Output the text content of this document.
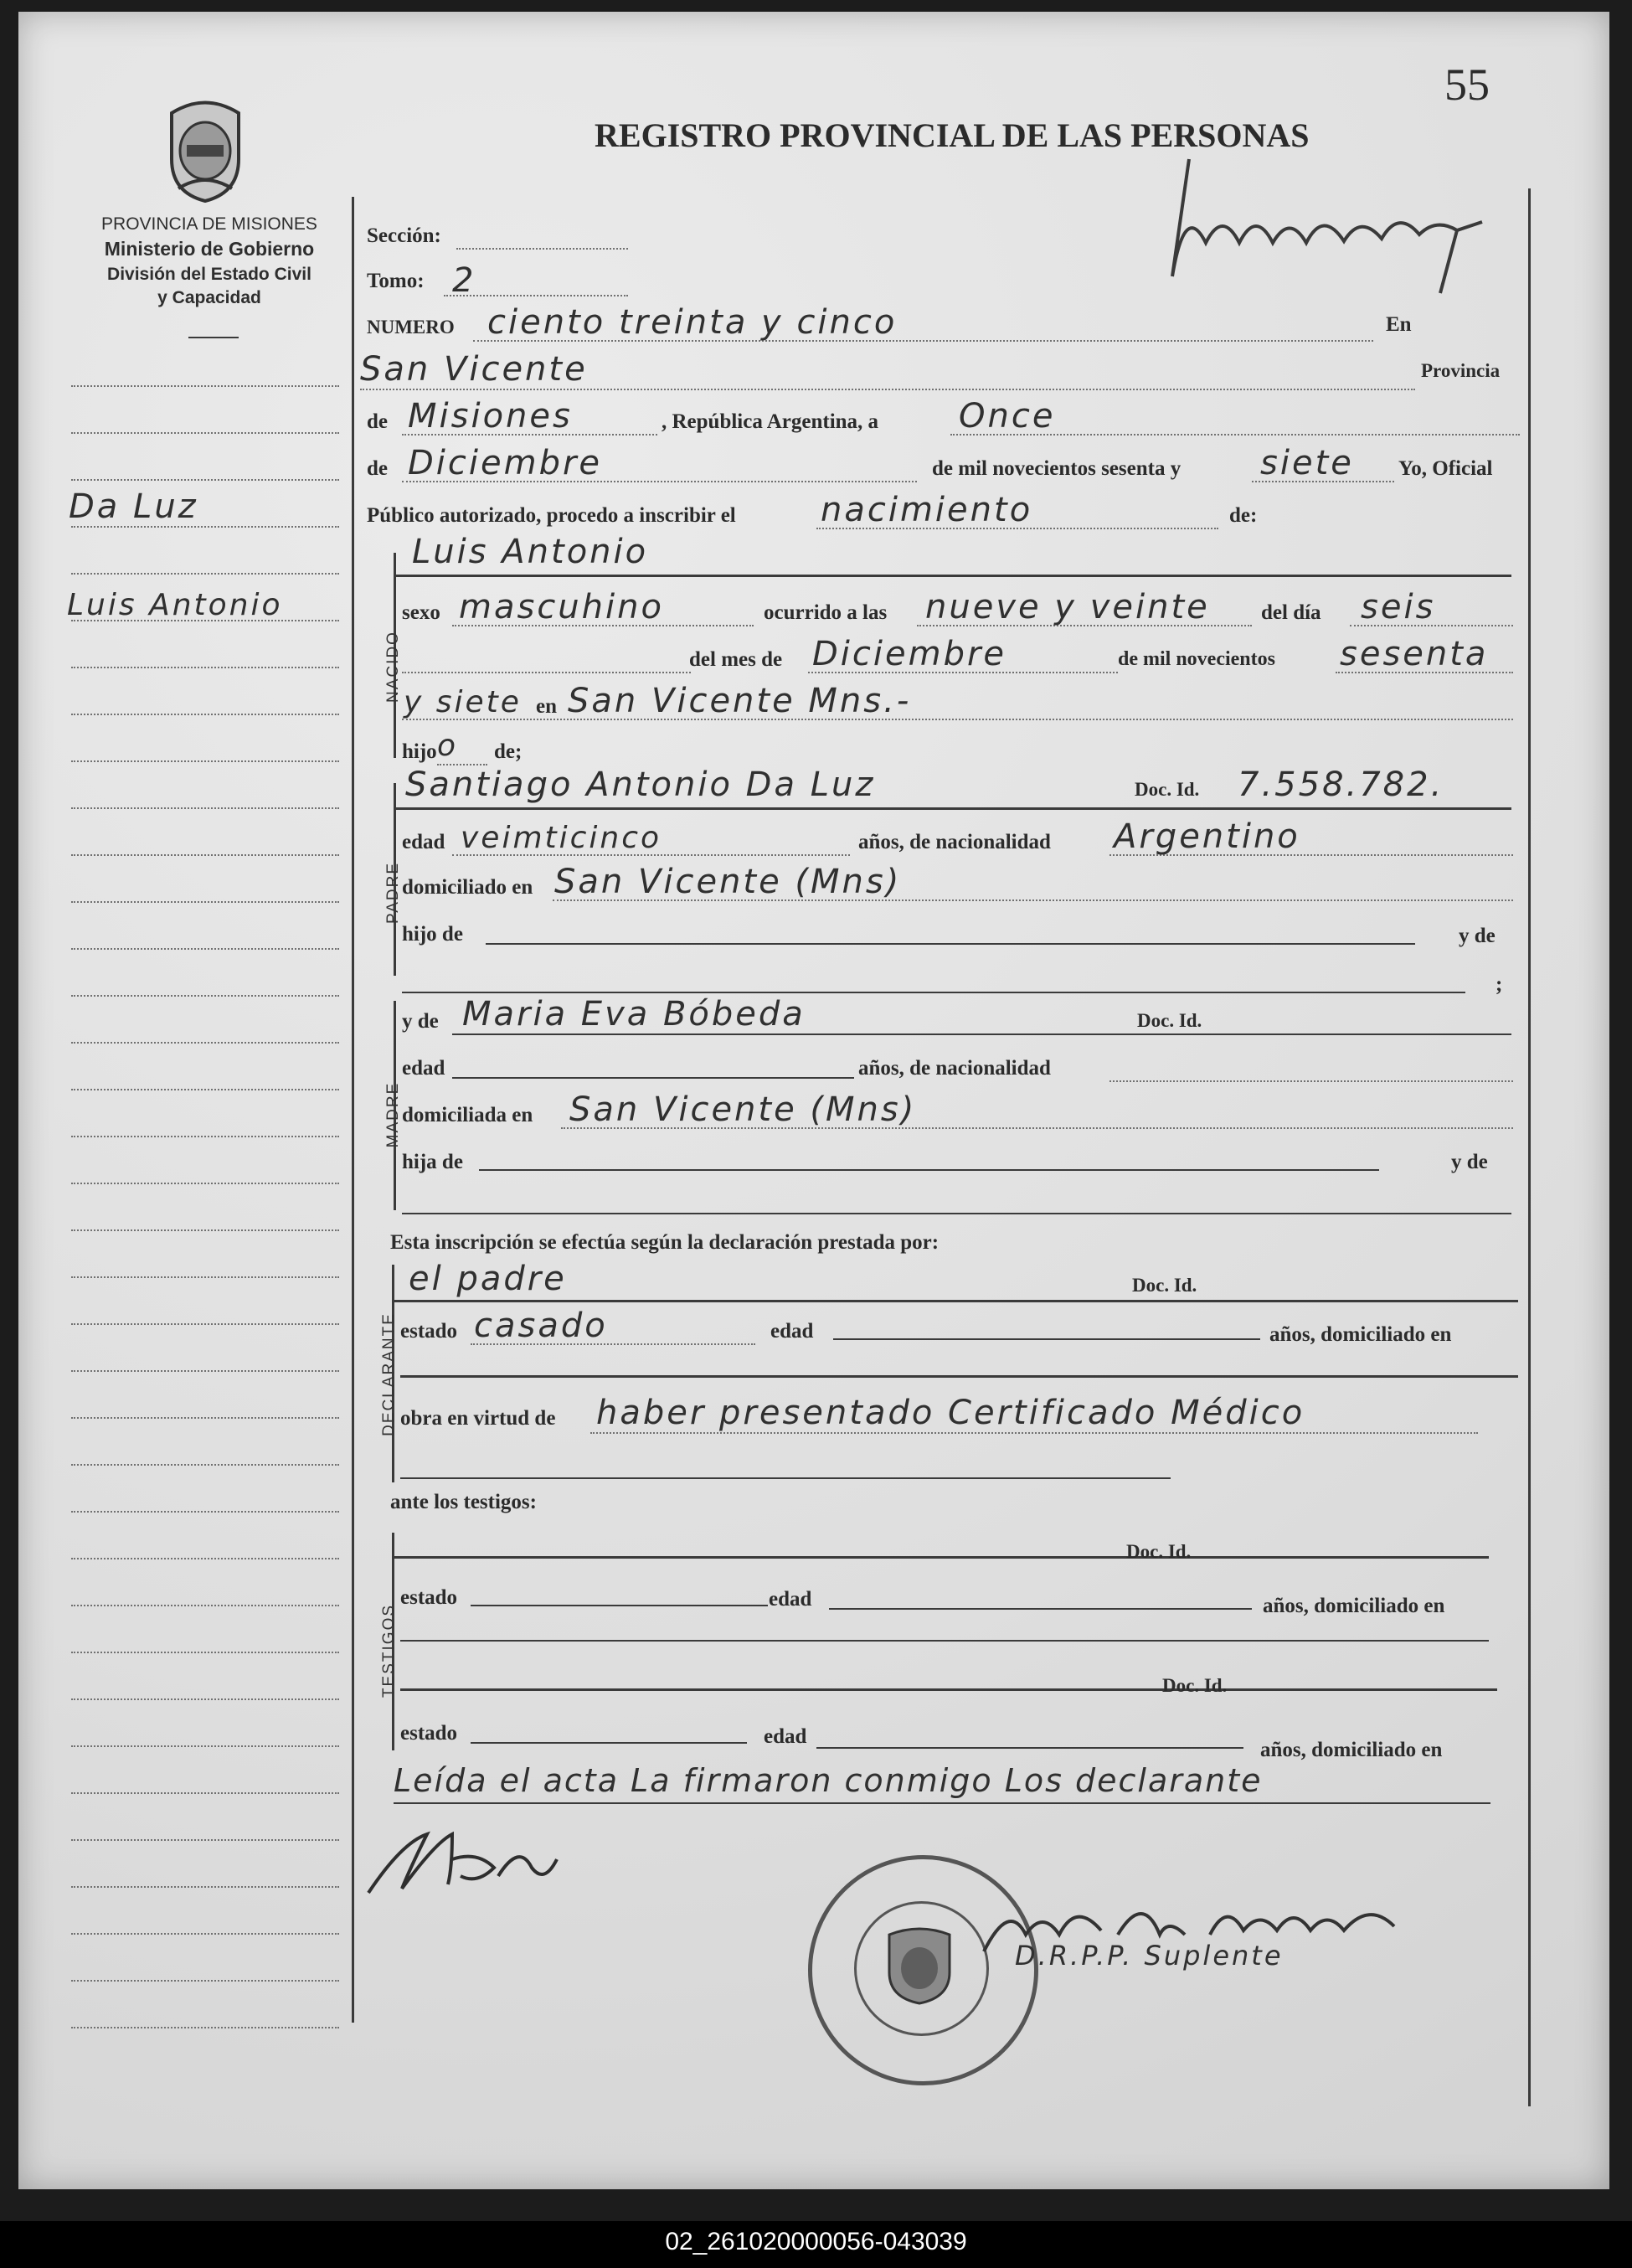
02_261020000056-043039
55
REGISTRO PROVINCIAL DE LAS PERSONAS
PROVINCIA DE MISIONES
Ministerio de Gobierno
División del Estado Civil
y Capacidad
Da Luz
Luis Antonio
Sección:
Tomo: 2
NUMERO ciento treinta y cinco	En
San Vicente	Provincia
de Misiones	, República Argentina, a Once
de Diciembre	de mil novecientos sesenta y siete Yo, Oficial
Público autorizado, procedo a inscribir el	nacimiento	de:
NACIDO
Luis Antonio
sexo mascuhino	ocurrido a las nueve y veinte del día seis
del mes de Diciembre	de mil novecientos sesenta
y siete en San Vicente Mns.-
hijo o de;
PADRE
Santiago Antonio Da Luz	Doc. Id. 7.558.782.
edad veimticinco	años, de nacionalidad Argentino
domiciliado en San Vicente (Mns)
hijo de	y de
;
MADRE
y de Maria Eva Bóbeda	Doc. Id.
edad	años, de nacionalidad
domiciliada en San Vicente (Mns)
hija de	y de
Esta inscripción se efectúa según la declaración prestada por:
DECLARANTE
el padre	Doc. Id.
estado casado	edad	años, domiciliado en
obra en virtud de haber presentado Certificado Médico
ante los testigos:
TESTIGOS
Doc. Id.
estado	edad	años, domiciliado en
Doc. Id.
estado	edad
años, domiciliado en
Leída el acta La firmaron conmigo Los declarante
D.R.P.P. Suplente
